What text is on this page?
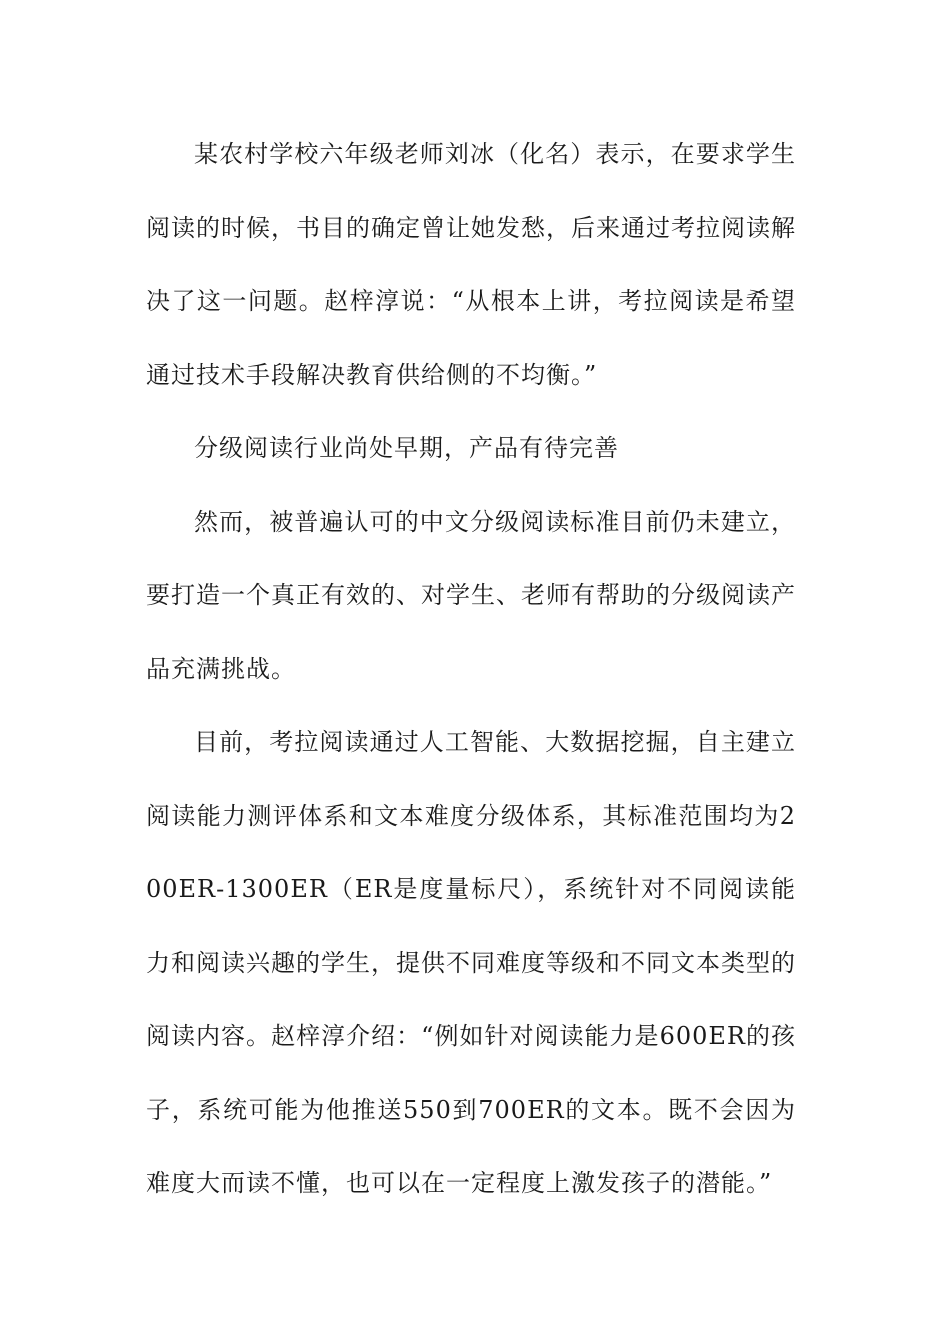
某农村学校六年级老师刘冰（化名）表示，在要求学生阅读的时候，书目的确定曾让她发愁，后来通过考拉阅读解决了这一问题。赵梓淳说：“从根本上讲，考拉阅读是希望通过技术手段解决教育供给侧的不均衡。”

分级阅读行业尚处早期，产品有待完善

然而，被普遍认可的中文分级阅读标准目前仍未建立，要打造一个真正有效的、对学生、老师有帮助的分级阅读产品充满挑战。

目前，考拉阅读通过人工智能、大数据挖掘，自主建立阅读能力测评体系和文本难度分级体系，其标准范围均为200ER-1300ER（ER是度量标尺），系统针对不同阅读能力和阅读兴趣的学生，提供不同难度等级和不同文本类型的阅读内容。赵梓淳介绍：“例如针对阅读能力是600ER的孩子，系统可能为他推送550到700ER的文本。既不会因为难度大而读不懂，也可以在一定程度上激发孩子的潜能。”
